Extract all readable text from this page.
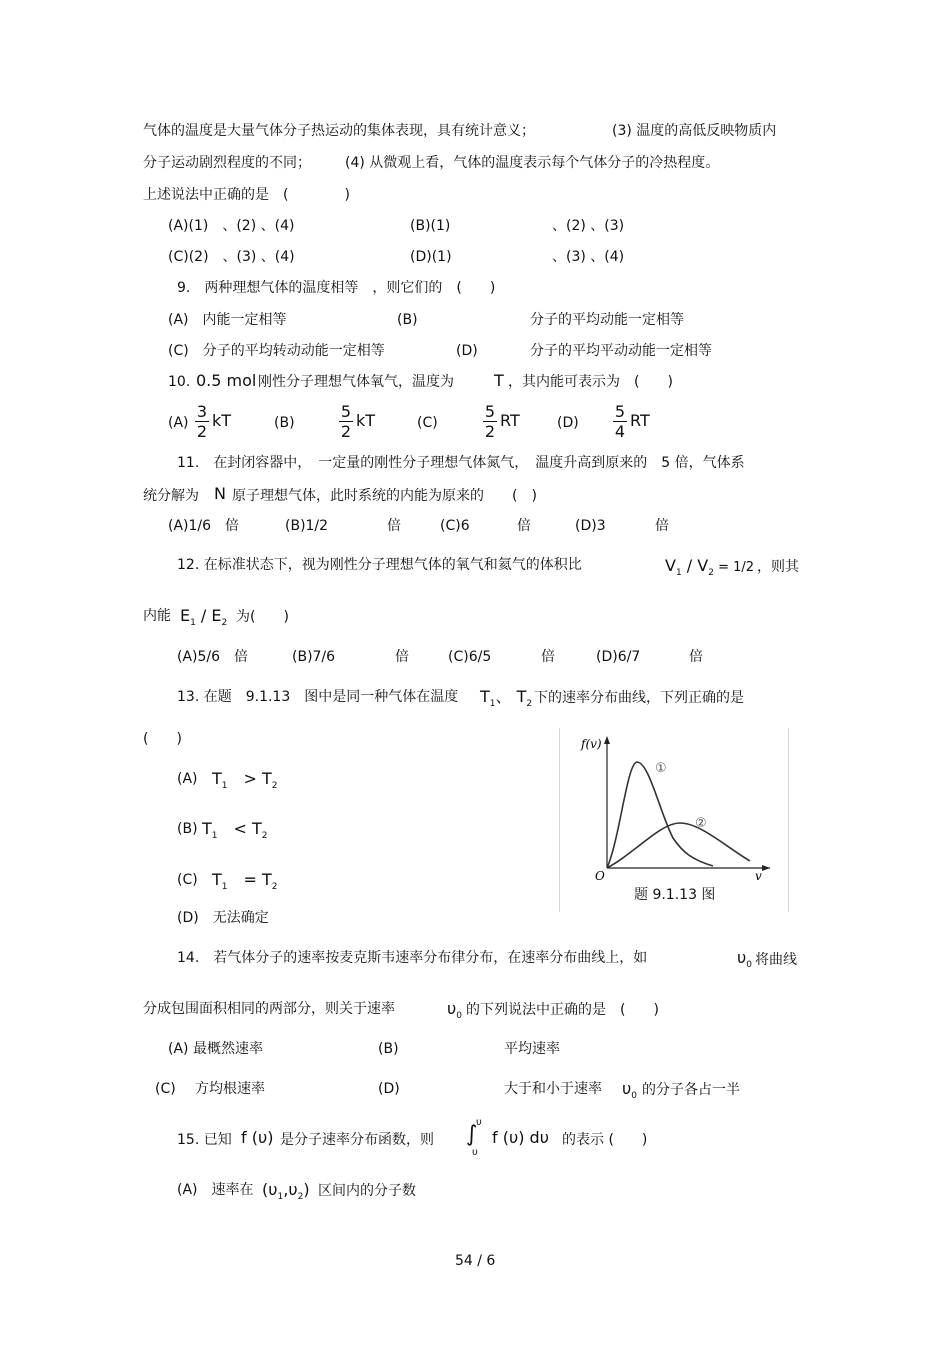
气体的温度是大量气体分子热运动的集体表现，具有统计意义；	(3) 温度的高低反映物质内
分子运动剧烈程度的不同； (4) 从微观上看，气体的温度表示每个气体分子的冷热程度。
上述说法中正确的是　(　　　　)
(A)(1)　、(2) 、(4)	(B)(1)	、(2) 、(3)
(C)(2)　、(3) 、(4)	(D)(1)	、(3) 、(4)
9.　两种理想气体的温度相等　，则它们的　(　　)
(A)　内能一定相等	(B)	分子的平均动能一定相等
(C)　分子的平均转动动能一定相等	(D)	分子的平均平动动能一定相等
10. 0.5 mol 刚性分子理想气体氧气，温度为	T ，其内能可表示为　(　　)
(A)
3
2
kT	(B)
5
2
kT	(C)
5
2
RT	(D)
5
4
RT
11.　在封闭容器中，　一定量的刚性分子理想气体氮气，　温度升高到原来的　5 倍，气体系
统分解为 N 原子理想气体，此时系统的内能为原来的　　(　)
(A)1/6　倍	(B)1/2	倍	(C)6	倍	(D)3	倍
12. 在标准状态下，视为刚性分子理想气体的氧气和氦气的体积比	$V_1 / V_2 = 1/2$ ，则其
内能 $E_1 / E_2$ 为(　　)
(A)5/6　倍	(B)7/6	倍	(C)6/5	倍	(D)6/7	倍
13. 在题　9.1.13　图中是同一种气体在温度 $T_1$、 $T_2$ 下的速率分布曲线，下列正确的是
(　　)
(A) $T_1$　> $T_2$
(B) $T_1$　< $T_2$
(C) $T_1$　= $T_2$
(D)　无法确定
f(v)
O	v
①
②
题 9.1.13 图
14.　若气体分子的速率按麦克斯韦速率分布律分布，在速率分布曲线上，如	$\upsilon_0$ 将曲线
分成包围面积相同的两部分，则关于速率	$\upsilon_0$ 的下列说法中正确的是　(　　)
(A) 最概然速率	(B)	平均速率
(C) 方均根速率	(D)	大于和小于速率 $\upsilon_0$ 的分子各占一半
15. 已知 f (υ) 是分子速率分布函数，则 ∫
υ
υ
f (υ) dυ 的表示 (　　)
(A)　速率在 $(\upsilon_1,\upsilon_2)$ 区间内的分子数
54 / 6
